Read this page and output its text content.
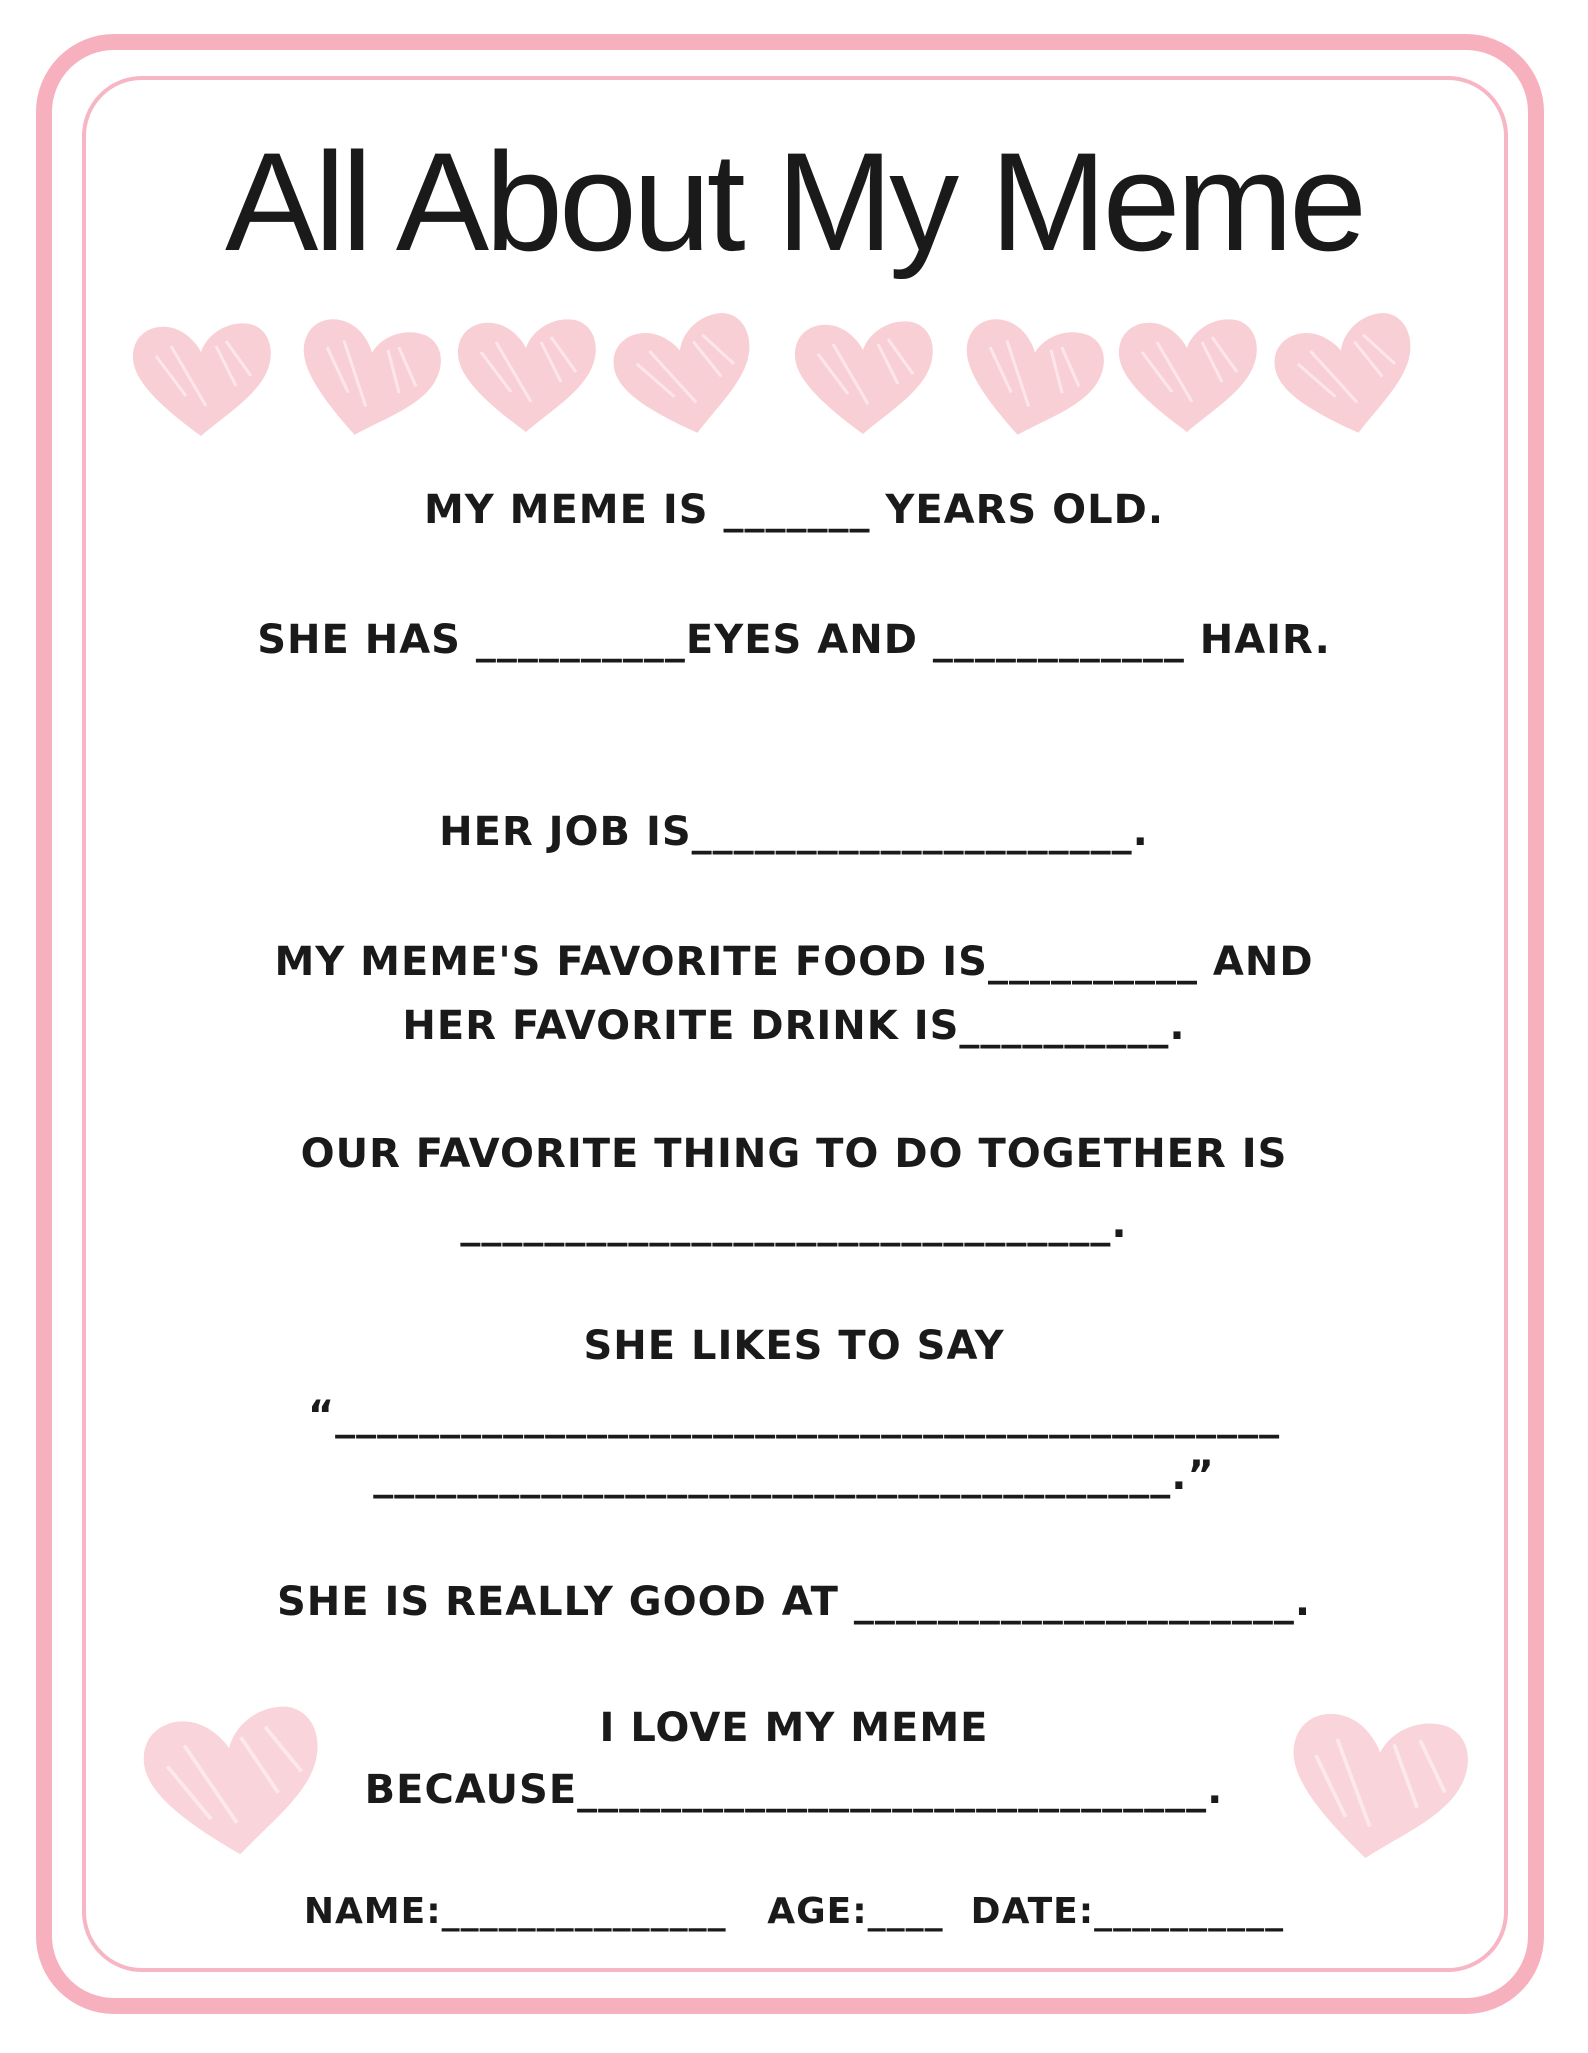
All About My Meme
MY MEME IS _______ YEARS OLD.
SHE HAS __________EYES AND ____________ HAIR.
HER JOB IS_____________________.
MY MEME'S FAVORITE FOOD IS__________ AND
HER FAVORITE DRINK IS__________.
OUR FAVORITE THING TO DO TOGETHER IS
_______________________________.
SHE LIKES TO SAY
“_____________________________________________
______________________________________.”
SHE IS REALLY GOOD AT _____________________.
I LOVE MY MEME
BECAUSE______________________________.
NAME:_______________   AGE:____  DATE:__________
